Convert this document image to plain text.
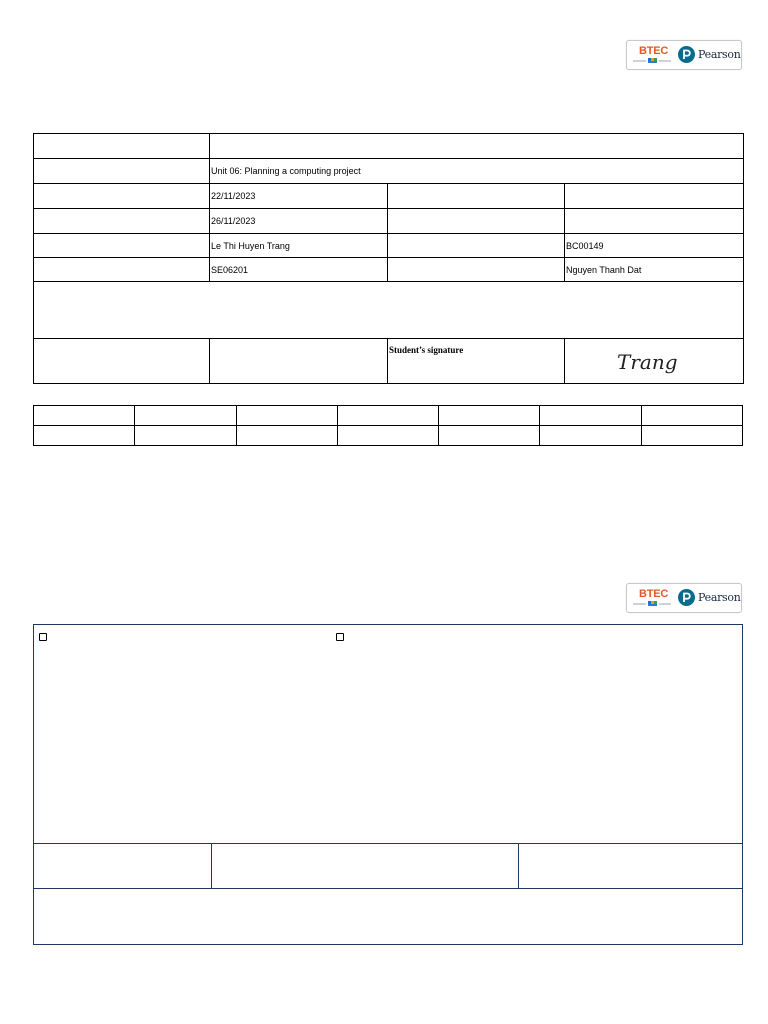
BTEC	Pearson

	Unit 06: Planning a computing project		
	22/11/2023		
	26/11/2023		
	Le Thi Huyen Trang		BC00149
	SE06201		Nguyen Thanh Dat

		Student’s signature	Trang

BTEC	Pearson
